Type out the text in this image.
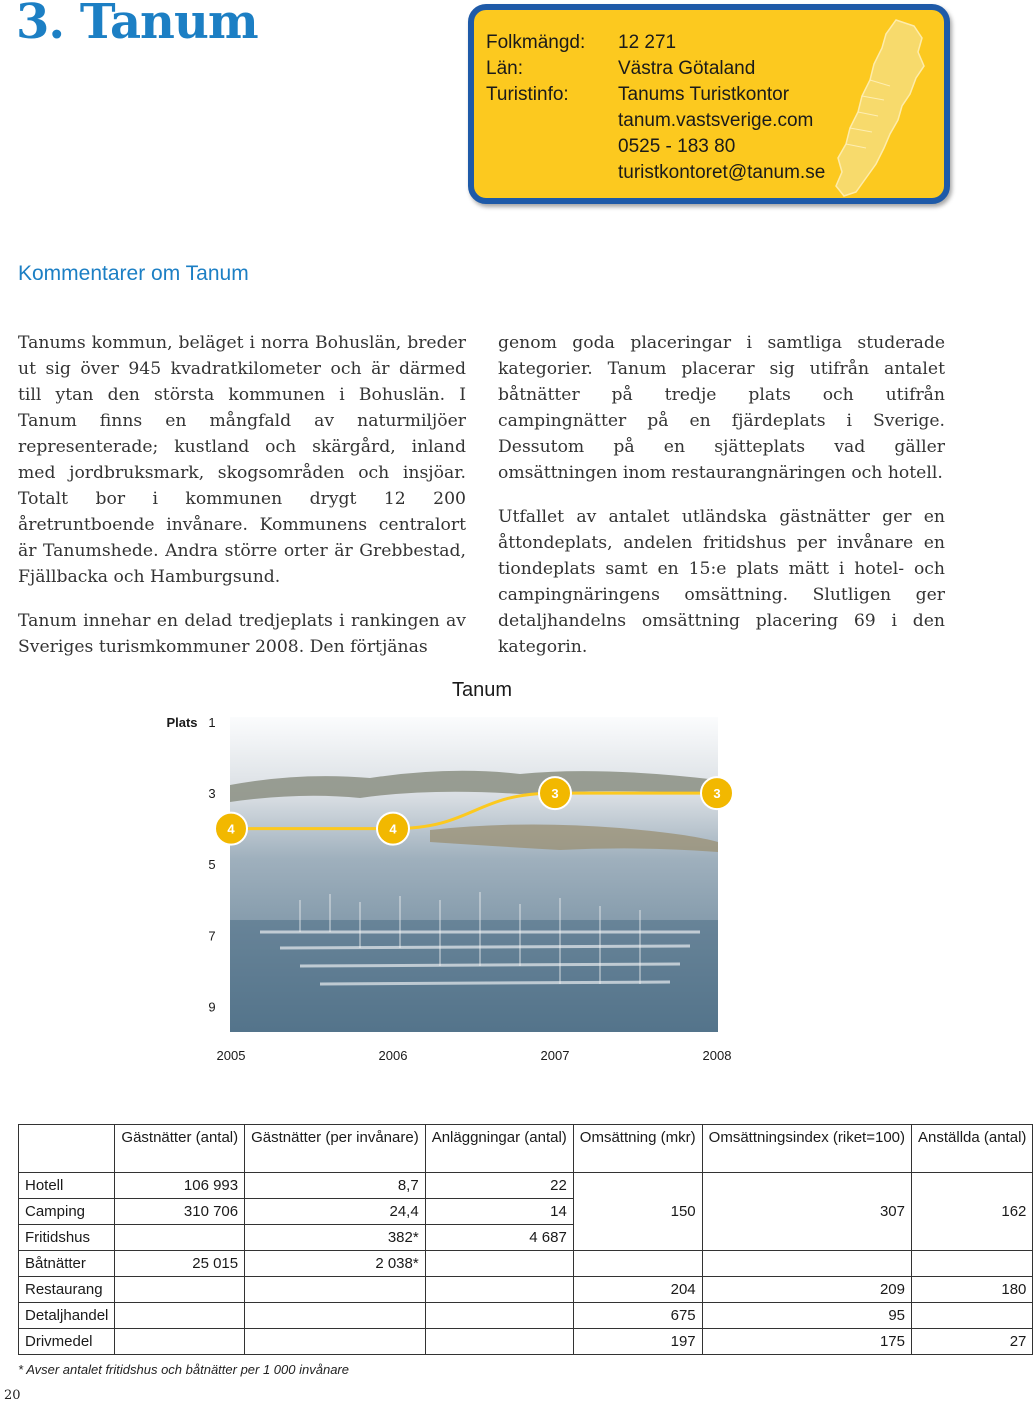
3. Tanum	Folkmängd:	12 271
Län:	Västra Götaland
Turistinfo:	Tanums Turistkontor
tanum.vastsverige.com
0525 - 183 80
turistkontoret@tanum.se
Kommentarer om Tanum

Tanums kommun, beläget i norra Bohuslän, breder ut sig över 945 kvadratkilometer och är därmed till ytan den största kommunen i Bohuslän. I Tanum finns en mångfald av naturmiljöer representerade; kustland och skärgård, inland med jordbruksmark, skogsområden och insjöar. Totalt bor i kommunen drygt 12 200 åretruntboende invånare. Kommunens centralort är Tanumshede. Andra större orter är Grebbestad, Fjällbacka och Hamburgsund.

Tanum innehar en delad tredjeplats i rankingen av Sveriges turismkommuner 2008. Den förtjänas

genom goda placeringar i samtliga studerade kategorier. Tanum placerar sig utifrån antalet båtnätter på tredje plats och utifrån campingnätter på en fjärdeplats i Sverige. Dessutom på en sjätteplats vad gäller omsättningen inom restaurangnäringen och hotell.

Utfallet av antalet utländska gästnätter ger en åttondeplats, andelen fritidshus per invånare en tiondeplats samt en 15:e plats mätt i hotel- och campingnäringens omsättning. Slutligen ger detaljhandelns omsättning placering 69 i den kategorin.

1
3
5
7
9
2005	2006	2007	2008
4	4
3	3
Tanum
Plats
	Gästnätter (antal)	Gästnätter (per invånare)	Anläggningar (antal)	Omsättning (mkr)	Omsättningsindex (riket=100)	Anställda (antal)
Hotell	106 993	8,7	22	150	307	162
Camping	310 706	24,4	14			
Fritidshus		382*	4 687			
Båtnätter	25 015	2 038*				
Restaurang				204	209	180
Detaljhandel				675	95	
Drivmedel				197	175	27
* Avser antalet fritidshus och båtnätter per 1 000 invånare
20
